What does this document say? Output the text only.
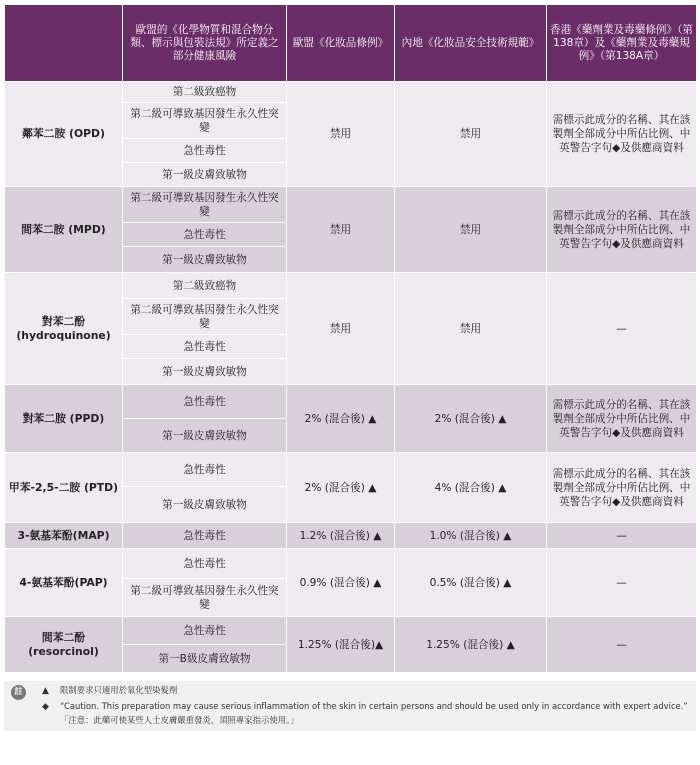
	歐盟的《化學物質和混合物分類、標示與包裝法規》所定義之部分健康風險	歐盟《化妝品條例》	內地《化妝品安全技術規範》	香港《藥劑業及毒藥條例》（第138章）及《藥劑業及毒藥規例》（第138A章）
鄰苯二胺 (OPD)	第二級致癌物	禁用	禁用	需標示此成分的名稱、其在該製劑全部成分中所佔比例、中英警告字句◆及供應商資料
	第二級可導致基因發生永久性突變			
	急性毒性			
	第一級皮膚致敏物			
間苯二胺 (MPD)	第二級可導致基因發生永久性突變	禁用	禁用	需標示此成分的名稱、其在該製劑全部成分中所佔比例、中英警告字句◆及供應商資料
	急性毒性			
	第一級皮膚致敏物			
對苯二酚 (hydroquinone)	第二級致癌物	禁用	禁用	—
	第二級可導致基因發生永久性突變			
	急性毒性			
	第一級皮膚致敏物			
對苯二胺 (PPD)	急性毒性	2% (混合後) ▲	2% (混合後) ▲	需標示此成分的名稱、其在該製劑全部成分中所佔比例、中英警告字句◆及供應商資料
	第一級皮膚致敏物			
甲苯-2,5-二胺 (PTD)	急性毒性	2% (混合後) ▲	4% (混合後) ▲	需標示此成分的名稱、其在該製劑全部成分中所佔比例、中英警告字句◆及供應商資料
	第一級皮膚致敏物			
3-氨基苯酚(MAP)	急性毒性	1.2% (混合後) ▲	1.0% (混合後) ▲	—
4-氨基苯酚(PAP)	急性毒性	0.9% (混合後) ▲	0.5% (混合後) ▲	—
	第二級可導致基因發生永久性突變			
間苯二酚 (resorcinol)	急性毒性	1.25% (混合後)▲	1.25% (混合後) ▲	—
	第一B級皮膚致敏物			
註	▲ 限制要求只適用於氧化型染髮劑
◆ “Caution. This preparation may cause serious inflammation of the skin in certain persons and should be used only in accordance with expert advice.”
「注意：此藥可使某些人士皮膚嚴重發炎，須照專家指示使用。」
